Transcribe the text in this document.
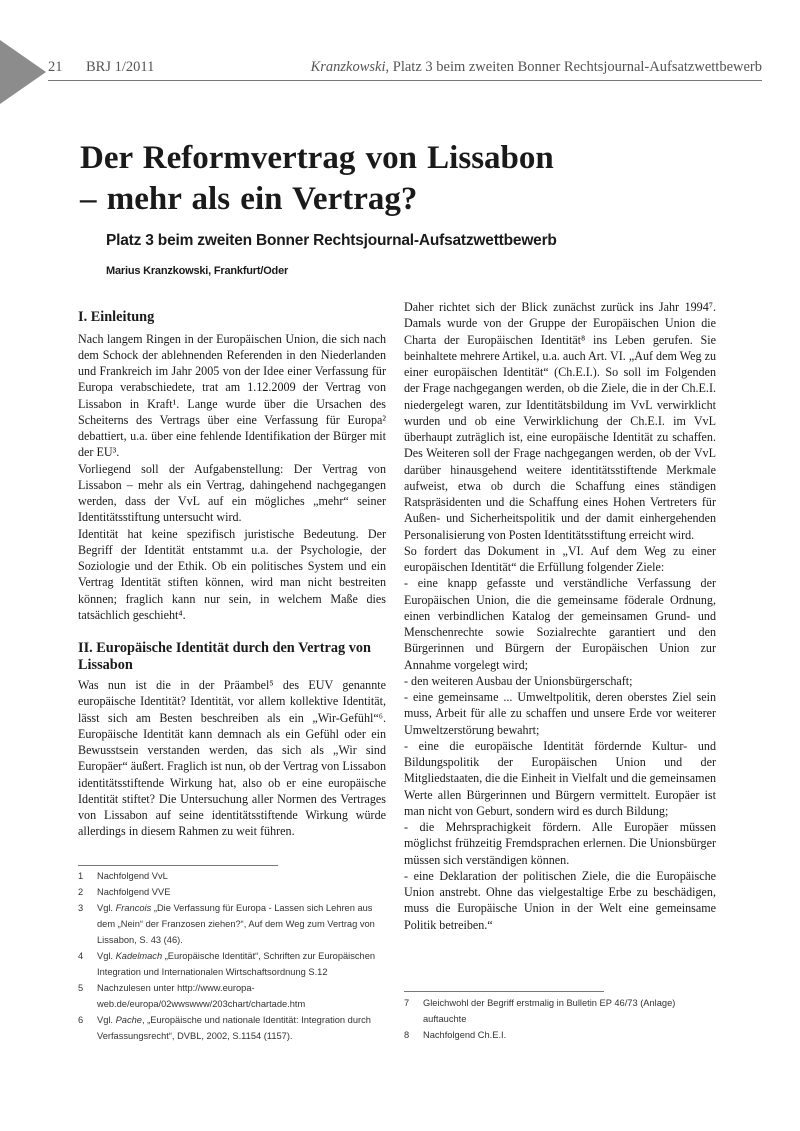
21	BRJ 1/2011	Kranzkowski, Platz 3 beim zweiten Bonner Rechtsjournal-Aufsatzwettbewerb
Der Reformvertrag von Lissabon
– mehr als ein Vertrag?
Platz 3 beim zweiten Bonner Rechtsjournal-Aufsatzwettbewerb
Marius Kranzkowski, Frankfurt/Oder
I. Einleitung

Nach langem Ringen in der Europäischen Union, die sich nach dem Schock der ablehnenden Referenden in den Niederlanden und Frankreich im Jahr 2005 von der Idee einer Verfassung für Europa verabschiedete, trat am 1.12.2009 der Vertrag von Lissabon in Kraft¹. Lange wurde über die Ursachen des Scheiterns des Vertrags über eine Verfassung für Europa² debattiert, u.a. über eine fehlende Identifikation der Bürger mit der EU³.

Vorliegend soll der Aufgabenstellung: Der Vertrag von Lissabon – mehr als ein Vertrag, dahingehend nachgegangen werden, dass der VvL auf ein mögliches „mehr“ seiner Identitätsstiftung untersucht wird.

Identität hat keine spezifisch juristische Bedeutung. Der Begriff der Identität entstammt u.a. der Psychologie, der Soziologie und der Ethik. Ob ein politisches System und ein Vertrag Identität stiften können, wird man nicht bestreiten können; fraglich kann nur sein, in welchem Maße dies tatsächlich geschieht⁴.

II. Europäische Identität durch den Vertrag von Lissabon

Was nun ist die in der Präambel⁵ des EUV genannte europäische Identität? Identität, vor allem kollektive Identität, lässt sich am Besten beschreiben als ein „Wir-Gefühl“⁶. Europäische Identität kann demnach als ein Gefühl oder ein Bewusstsein verstanden werden, das sich als „Wir sind Europäer“ äußert. Fraglich ist nun, ob der Vertrag von Lissabon identitätsstiftende Wirkung hat, also ob er eine europäische Identität stiftet? Die Untersuchung aller Normen des Vertrages von Lissabon auf seine identitätsstiftende Wirkung würde allerdings in diesem Rahmen zu weit führen.

Daher richtet sich der Blick zunächst zurück ins Jahr 1994⁷. Damals wurde von der Gruppe der Europäischen Union die Charta der Europäischen Identität⁸ ins Leben gerufen. Sie beinhaltete mehrere Artikel, u.a. auch Art. VI. „Auf dem Weg zu einer europäischen Identität“ (Ch.E.I.). So soll im Folgenden der Frage nachgegangen werden, ob die Ziele, die in der Ch.E.I. niedergelegt waren, zur Identitätsbildung im VvL verwirklicht wurden und ob eine Verwirklichung der Ch.E.I. im VvL überhaupt zuträglich ist, eine europäische Identität zu schaffen. Des Weiteren soll der Frage nachgegangen werden, ob der VvL darüber hinausgehend weitere identitätsstiftende Merkmale aufweist, etwa ob durch die Schaffung eines ständigen Ratspräsidenten und die Schaffung eines Hohen Vertreters für Außen- und Sicherheitspolitik und der damit einhergehenden Personalisierung von Posten Identitätsstiftung erreicht wird.

So fordert das Dokument in „VI. Auf dem Weg zu einer europäischen Identität“ die Erfüllung folgender Ziele:

- eine knapp gefasste und verständliche Verfassung der Europäischen Union, die die gemeinsame föderale Ordnung, einen verbindlichen Katalog der gemeinsamen Grund- und Menschenrechte sowie Sozialrechte garantiert und den Bürgerinnen und Bürgern der Europäischen Union zur Annahme vorgelegt wird;

- den weiteren Ausbau der Unionsbürgerschaft;

- eine gemeinsame ... Umweltpolitik, deren oberstes Ziel sein muss, Arbeit für alle zu schaffen und unsere Erde vor weiterer Umweltzerstörung bewahrt;

- eine die europäische Identität fördernde Kultur- und Bildungspolitik der Europäischen Union und der Mitgliedstaaten, die die Einheit in Vielfalt und die gemeinsamen Werte allen Bürgerinnen und Bürgern vermittelt. Europäer ist man nicht von Geburt, sondern wird es durch Bildung;

- die Mehrsprachigkeit fördern. Alle Europäer müssen möglichst frühzeitig Fremdsprachen erlernen. Die Unionsbürger müssen sich verständigen können.

- eine Deklaration der politischen Ziele, die die Europäische Union anstrebt. Ohne das vielgestaltige Erbe zu beschädigen, muss die Europäische Union in der Welt eine gemeinsame Politik betreiben.“

1	Nachfolgend VvL
2	Nachfolgend VVE
3	Vgl. Francois „Die Verfassung für Europa - Lassen sich Lehren aus dem „Nein“ der Franzosen ziehen?“, Auf dem Weg zum Vertrag von Lissabon, S. 43 (46).
4	Vgl. Kadelmach „Europäische Identität“, Schriften zur Europäischen Integration und Internationalen Wirtschaftsordnung S.12
5	Nachzulesen unter http://www.europa-web.de/europa/02wwswww/203chart/chartade.htm
6	Vgl. Pache, „Europäische und nationale Identität: Integration durch Verfassungsrecht“, DVBL, 2002, S.1154 (1157).
7	Gleichwohl der Begriff erstmalig in Bulletin EP 46/73 (Anlage) auftauchte
8	Nachfolgend Ch.E.I.
